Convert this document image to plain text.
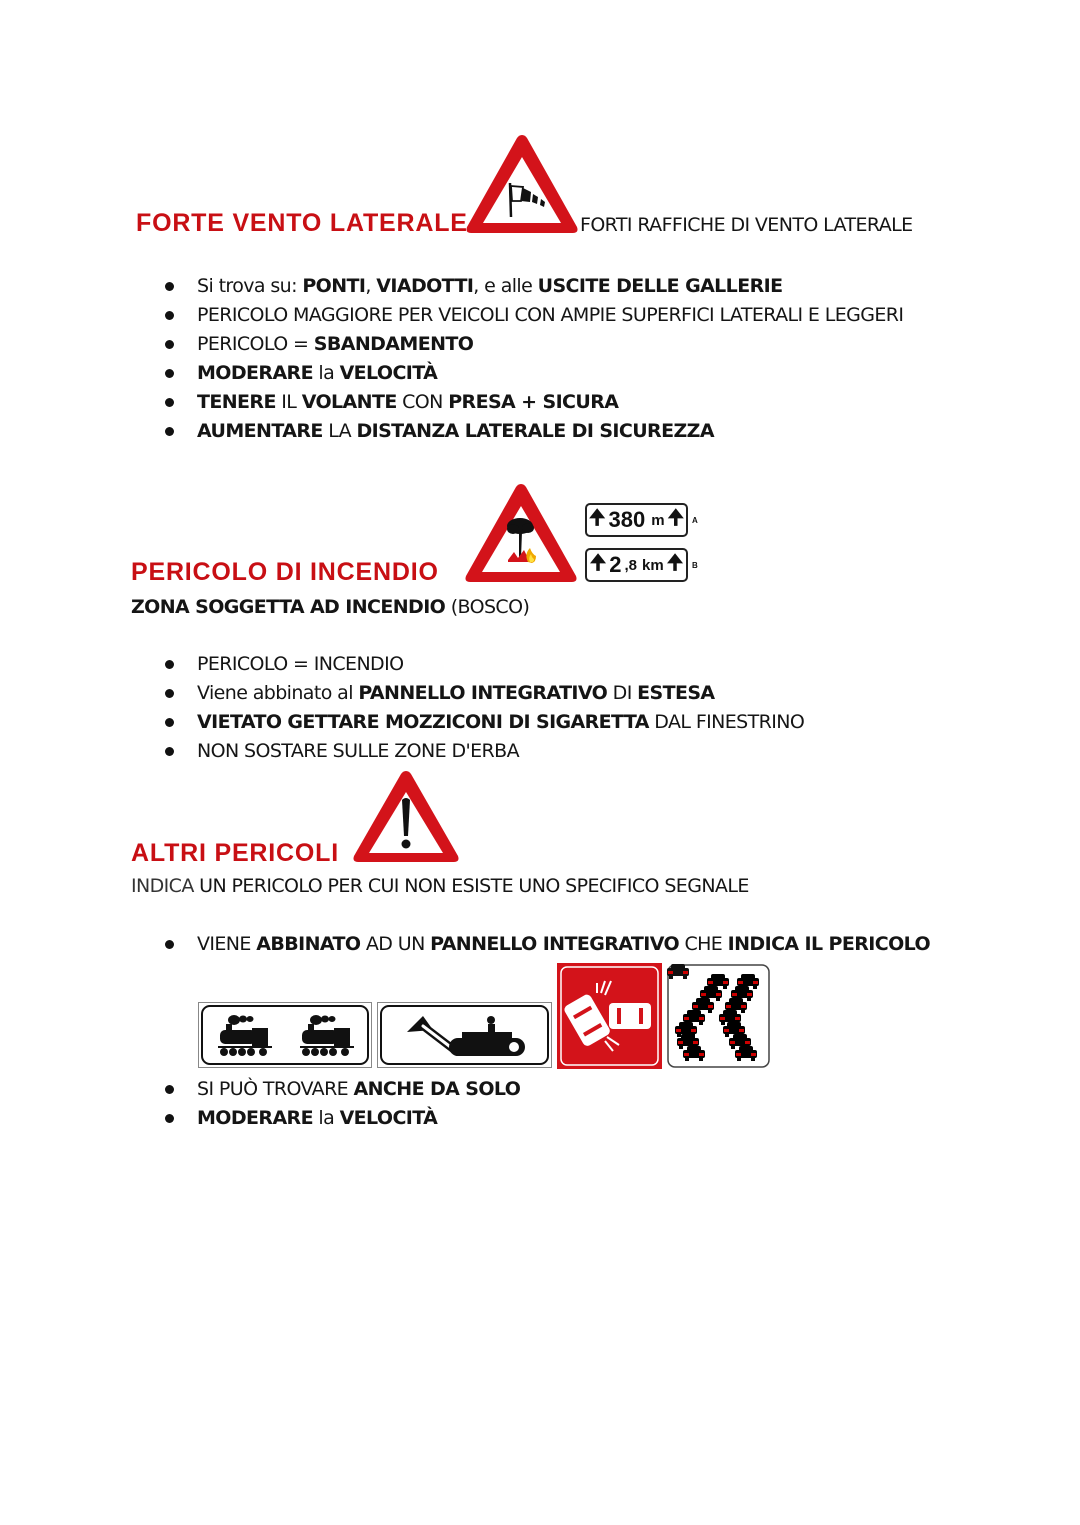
FORTE VENTO LATERALE	FORTI RAFFICHE DI VENTO LATERALE
Si trova su: PONTI, VIADOTTI, e alle USCITE DELLE GALLERIE
PERICOLO MAGGIORE PER VEICOLI CON AMPIE SUPERFICI LATERALI E LEGGERI
PERICOLO = SBANDAMENTO
MODERARE la VELOCITÀ
TENERE IL VOLANTE CON PRESA + SICURA
AUMENTARE LA DISTANZA LATERALE DI SICUREZZA
PERICOLO DI INCENDIO
🠉 380 m 🠉 A
🠉 2 ,8 km 🠉 B
ZONA SOGGETTA AD INCENDIO (BOSCO)
PERICOLO = INCENDIO
Viene abbinato al PANNELLO INTEGRATIVO DI ESTESA
VIETATO GETTARE MOZZICONI DI SIGARETTA DAL FINESTRINO
NON SOSTARE SULLE ZONE D'ERBA
ALTRI PERICOLI
INDICA UN PERICOLO PER CUI NON ESISTE UNO SPECIFICO SEGNALE
VIENE ABBINATO AD UN PANNELLO INTEGRATIVO CHE INDICA IL PERICOLO
SI PUÒ TROVARE ANCHE DA SOLO
MODERARE la VELOCITÀ
